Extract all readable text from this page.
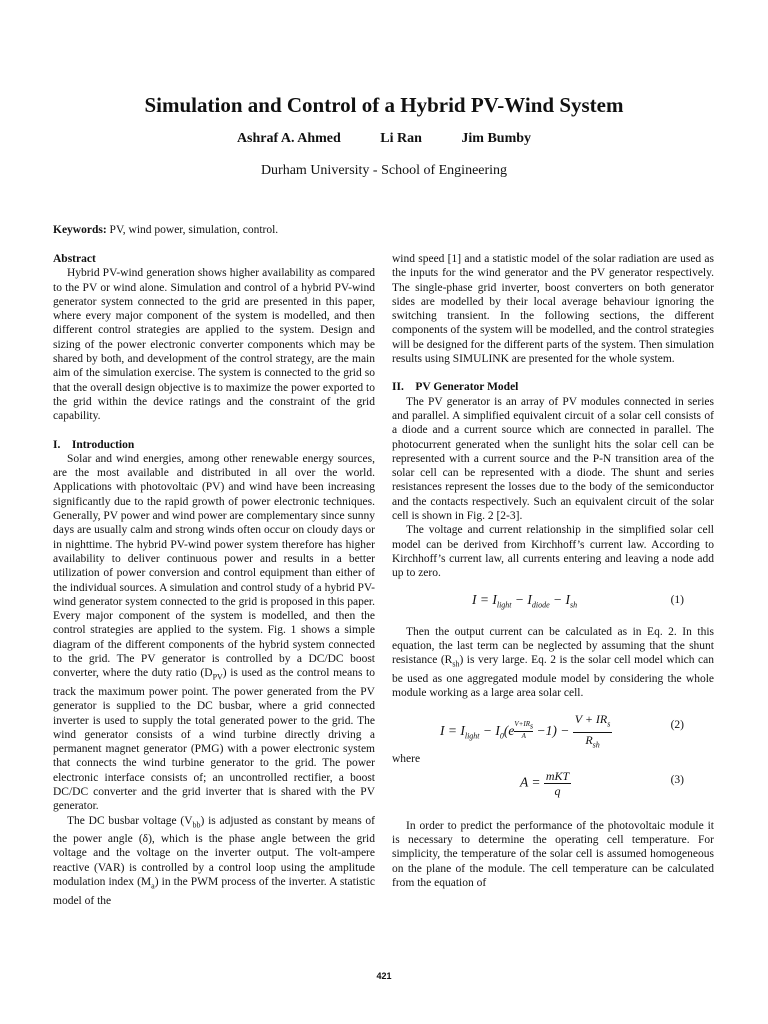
Simulation and Control of a Hybrid PV-Wind System
Ashraf A. Ahmed	Li Ran	Jim Bumby
Durham University - School of Engineering
Keywords: PV, wind power, simulation, control.

Abstract

Hybrid PV-wind generation shows higher availability as compared to the PV or wind alone. Simulation and control of a hybrid PV-wind generator system connected to the grid are presented in this paper, where every major component of the system is modelled, and then different control strategies are applied to the system. Design and sizing of the power electronic converter components which may be shared by both, and development of the control strategy, are the main aim of the simulation exercise. The system is connected to the grid so that the overall design objective is to maximize the power exported to the grid within the device ratings and the constraint of the grid capability.

I. Introduction

Solar and wind energies, among other renewable energy sources, are the most available and distributed in all over the world. Applications with photovoltaic (PV) and wind have been increasing significantly due to the rapid growth of power electronic techniques. Generally, PV power and wind power are complementary since sunny days are usually calm and strong winds often occur on cloudy days or in nighttime. The hybrid PV-wind power system therefore has higher availability to deliver continuous power and results in a better utilization of power conversion and control equipment than either of the individual sources. A simulation and control study of a hybrid PV-wind generator system connected to the grid is proposed in this paper. Every major component of the system is modelled, and then the control strategies are applied to the system. Fig. 1 shows a simple diagram of the different components of the hybrid system connected to the grid. The PV generator is controlled by a DC/DC boost converter, where the duty ratio $(D_{PV})$ is used as the control means to track the maximum power point. The power generated from the PV generator is supplied to the DC busbar, where a grid connected inverter is used to supply the total generated power to the grid. The wind generator consists of a wind turbine directly driving a permanent magnet generator (PMG) with a power electronic system that connects the wind turbine generator to the grid. The power electronic interface consists of; an uncontrolled rectifier, a boost DC/DC converter and the grid inverter that is shared with the PV generator.

The DC busbar voltage $(V_{bb})$ is adjusted as constant by means of the power angle (δ), which is the phase angle between the grid voltage and the voltage on the inverter output. The volt-ampere reactive (VAR) is controlled by a control loop using the amplitude modulation index $(M_a)$ in the PWM process of the inverter. A statistic model of the

wind speed [1] and a statistic model of the solar radiation are used as the inputs for the wind generator and the PV generator respectively. The single-phase grid inverter, boost converters on both generator sides are modelled by their local average behaviour ignoring the switching transient. In the following sections, the different components of the system will be modelled, and the control strategies will be designed for the different parts of the system. Then simulation results using SIMULINK are presented for the whole system.

II. PV Generator Model

The PV generator is an array of PV modules connected in series and parallel. A simplified equivalent circuit of a solar cell consists of a diode and a current source which are connected in parallel. The photocurrent generated when the sunlight hits the solar cell can be represented with a current source and the P-N transition area of the solar cell can be represented with a diode. The shunt and series resistances represent the losses due to the body of the semiconductor and the contacts respectively. Such an equivalent circuit of the solar cell is shown in Fig. 2 [2-3].

The voltage and current relationship in the simplified solar cell model can be derived from Kirchhoff’s current law. According to Kirchhoff’s current law, all currents entering and leaving a node add up to zero.

$I = I_{light} - I_{diode} - I_{sh}$	(1)

Then the output current can be calculated as in Eq. 2. In this equation, the last term can be neglected by assuming that the shunt resistance $(R_{sh})$ is very large. Eq. 2 is the solar cell model which can be used as one aggregated module model by considering the whole module working as a large area solar cell.

$I = I_{light} - I_0(e \frac{V+IR_s}{A} -1) - \frac{V + IR_s}{R_{sh}}$	(2)

where

$A = \frac{\text{mKT}}{q}$	(3)

In order to predict the performance of the photovoltaic module it is necessary to determine the operating cell temperature. For simplicity, the temperature of the solar cell is assumed homogeneous on the plane of the module. The cell temperature can be calculated from the equation of

421
